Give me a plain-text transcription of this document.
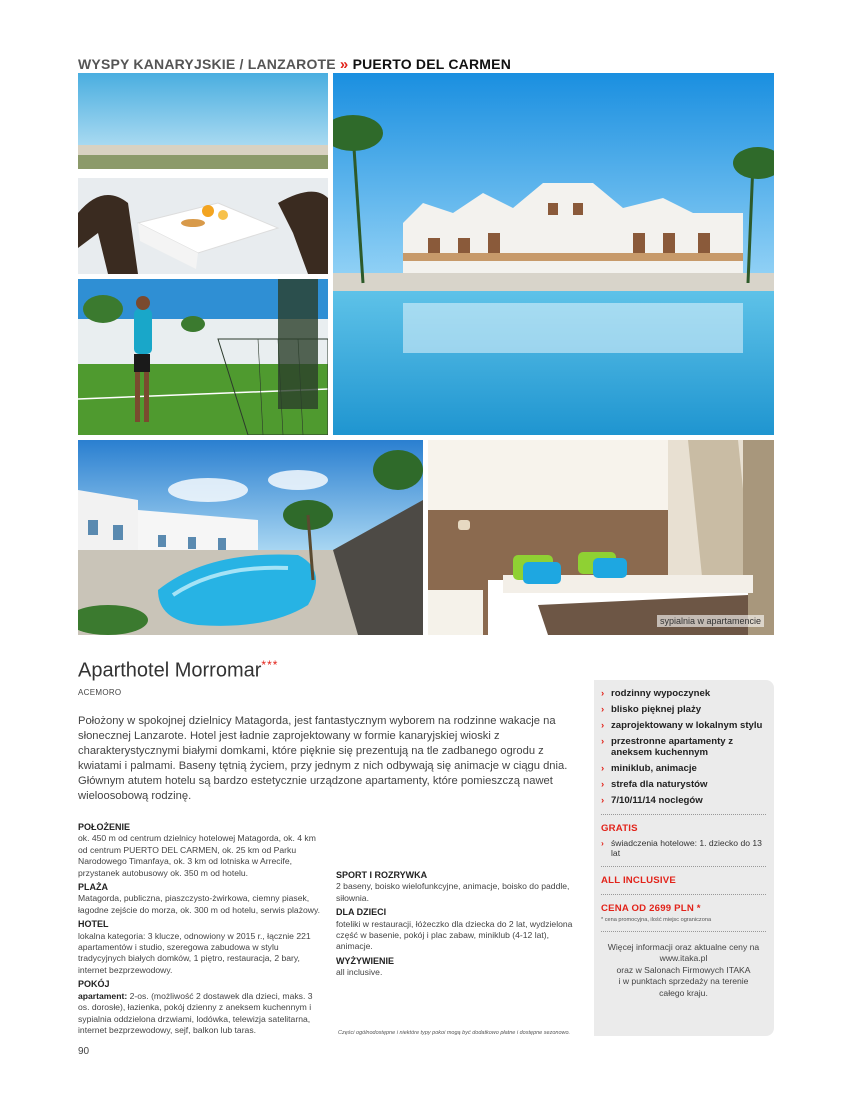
WYSPY KANARYJSKIE / LANZAROTE » PUERTO DEL CARMEN
sypialnia w apartamencie
Aparthotel Morromar***
ACEMORO

Położony w spokojnej dzielnicy Matagorda, jest fantastycznym wyborem na rodzinne wakacje na słonecznej Lanzarote. Hotel jest ładnie zaprojektowany w formie kanaryjskiej wioski z charakterystycznymi białymi domkami, które pięknie się prezentują na tle zadbanego ogrodu z kwiatami i palmami. Baseny tętnią życiem, przy jednym z nich odbywają się animacje w ciągu dnia. Głównym atutem hotelu są bardzo estetycznie urządzone apartamenty, które pomieszczą nawet wieloosobową rodzinę.

POŁOŻENIE
ok. 450 m od centrum dzielnicy hotelowej Matagorda, ok. 4 km od centrum PUERTO DEL CARMEN, ok. 25 km od Parku Narodowego Timanfaya, ok. 3 km od lotniska w Arrecife, przystanek autobusowy ok. 350 m od hotelu.
PLAŻA
Matagorda, publiczna, piaszczysto-żwirkowa, ciemny piasek, łagodne zejście do morza, ok. 300 m od hotelu, serwis plażowy.
HOTEL
lokalna kategoria: 3 klucze, odnowiony w 2015 r., łącznie 221 apartamentów i studio, szeregowa zabudowa w stylu tradycyjnych białych domków, 1 piętro, restauracja, 2 bary, internet bezprzewodowy.
POKÓJ
apartament: 2-os. (możliwość 2 dostawek dla dzieci, maks. 3 os. dorosłe), łazienka, pokój dzienny z aneksem kuchennym i sypialnia oddzielona drzwiami, lodówka, telewizja satelitarna, internet bezprzewodowy, sejf, balkon lub taras.
SPORT I ROZRYWKA
2 baseny, boisko wielofunkcyjne, animacje, boisko do paddle, siłownia.
DLA DZIECI
foteliki w restauracji, łóżeczko dla dziecka do 2 lat, wydzielona część w basenie, pokój i plac zabaw, miniklub (4-12 lat), animacje.
WYŻYWIENIE
all inclusive.
Części ogólnodostępne i niektóre typy pokoi mogą być dodatkowo płatne i dostępne sezonowo.
90
› rodzinny wypoczynek
› blisko pięknej plaży
› zaprojektowany w lokalnym stylu
› przestronne apartamenty z aneksem kuchennym
› miniklub, animacje
› strefa dla naturystów
› 7/10/11/14 noclegów
GRATIS
› świadczenia hotelowe: 1. dziecko do 13 lat
ALL INCLUSIVE
CENA OD 2699 PLN *
* cena promocyjna, ilość miejsc ograniczona
Więcej informacji oraz aktualne ceny na
www.itaka.pl
oraz w Salonach Firmowych ITAKA
i w punktach sprzedaży na terenie
całego kraju.
